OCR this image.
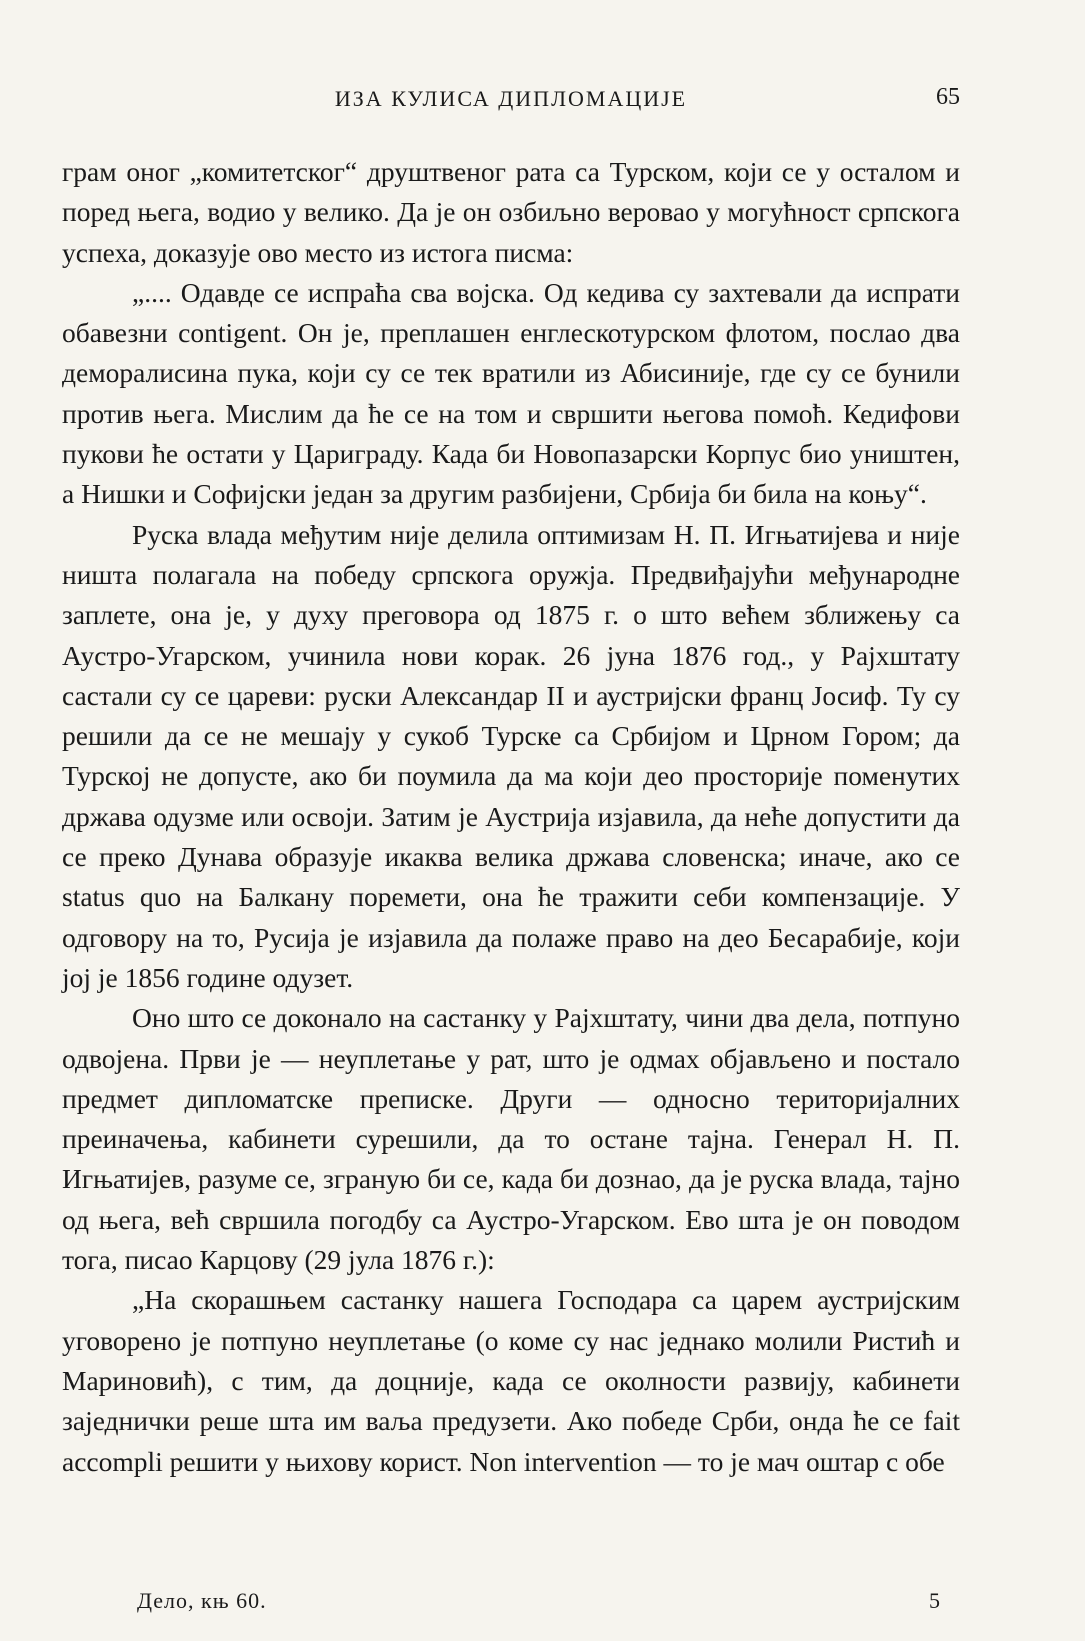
ИЗА КУЛИСА ДИПЛОМАЦИЈЕ	65

грам оног „комитетског“ друштвеног рата са Турском, који се у осталом и поред њега, водио у велико. Да је он озбиљно веровао у могућност српскога успеха, доказује ово место из истога писма:

„.... Одавде се испраћа сва војска. Од кедива су захтевали да испрати обавезни contigent. Он је, преплашен енглескотурском флотом, послао два деморалисина пука, који су се тек вратили из Абисиније, где су се бунили против њега. Мислим да ће се на том и свршити његова помоћ. Кедифови пукови ће остати у Цариграду. Када би Новопазарски Корпус био уништен, а Нишки и Софијски један за другим разбијени, Србија би била на коњу“.

Руска влада међутим није делила оптимизам Н. П. Игњатијева и није ништа полагала на победу српскога оружја. Предвиђајући међународне заплете, она је, у духу преговора од 1875 г. о што већем зближењу са Аустро-Угарском, учинила нови корак. 26 јуна 1876 год., у Рајхштату састали су се цареви: руски Александар II и аустријски франц Јосиф. Ту су решили да се не мешају у сукоб Турске са Србијом и Црном Гором; да Турској не допусте, ако би поумила да ма који део просторије поменутих држава одузме или освоји. Затим је Аустрија изјавила, да неће допустити да се преко Дунава образује икаква велика држава словенска; иначе, ако се status quo на Балкану поремети, она ће тражити себи компензације. У одговору на то, Русија је изјавила да полаже право на део Бесарабије, који јој је 1856 године одузет.

Оно што се доконало на састанку у Рајхштату, чини два дела, потпуно одвојена. Први је — неуплетање у рат, што је одмах објављено и постало предмет дипломатске преписке. Други — односно територијалних преиначења, кабинети сурешили, да то остане тајна. Генерал Н. П. Игњатијев, разуме се, зграную би се, када би дознао, да је руска влада, тајно од њега, већ свршила погодбу са Аустро-Угарском. Ево шта је он поводом тога, писао Карцову (29 јула 1876 г.):

„На скорашњем састанку нашега Господара са царем аустријским уговорено је потпуно неуплетање (о коме су нас једнако молили Ристић и Мариновић), с тим, да доцније, када се околности развију, кабинети заједнички реше шта им ваља предузети. Ако победе Срби, онда ће се fait accompli решити у њихову корист. Non intervention — то је мач оштар с обе

Дело, књ 60.	5
